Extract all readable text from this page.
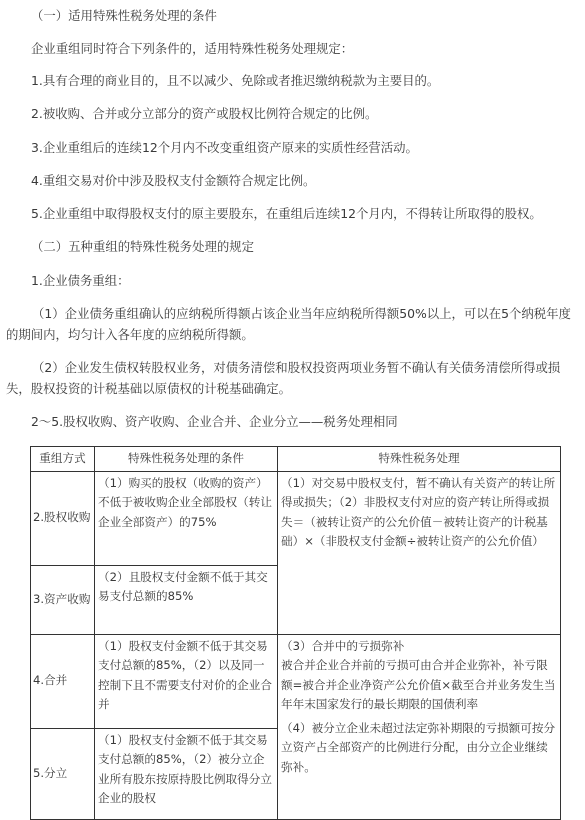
（一）适用特殊性税务处理的条件
企业重组同时符合下列条件的，适用特殊性税务处理规定：
1.具有合理的商业目的，且不以减少、免除或者推迟缴纳税款为主要目的。
2.被收购、合并或分立部分的资产或股权比例符合规定的比例。
3.企业重组后的连续12个月内不改变重组资产原来的实质性经营活动。
4.重组交易对价中涉及股权支付金额符合规定比例。
5.企业重组中取得股权支付的原主要股东，在重组后连续12个月内，不得转让所取得的股权。
（二）五种重组的特殊性税务处理的规定
1.企业债务重组：
（1）企业债务重组确认的应纳税所得额占该企业当年应纳税所得额50%以上，可以在5个纳税年度的期间内，均匀计入各年度的应纳税所得额。
（2）企业发生债权转股权业务，对债务清偿和股权投资两项业务暂不确认有关债务清偿所得或损失，股权投资的计税基础以原债权的计税基础确定。
2～5.股权收购、资产收购、企业合并、企业分立——税务处理相同
重组方式	特殊性税务处理的条件	特殊性税务处理
2.股权收购	（1）购买的股权（收购的资产）不低于被收购企业全部股权（转让企业全部资产）的75%	（1）对交易中股权支付，暂不确认有关资产的转让所得或损失；（2）非股权支付对应的资产转让所得或损失＝（被转让资产的公允价值－被转让资产的计税基础）×（非股权支付金额÷被转让资产的公允价值）
3.资产收购	（2）且股权支付金额不低于其交易支付总额的85%	
4.合并	（1）股权支付金额不低于其交易支付总额的85%，（2）以及同一控制下且不需要支付对价的企业合并	（3）合并中的亏损弥补
被合并企业合并前的亏损可由合并企业弥补，补亏限额=被合并企业净资产公允价值×截至合并业务发生当年年末国家发行的最长期限的国债利率
（4）被分立企业未超过法定弥补期限的亏损额可按分立资产占全部资产的比例进行分配，由分立企业继续弥补。

5.分立	（1）股权支付金额不低于其交易支付总额的85%，（2）被分立企业所有股东按原持股比例取得分立企业的股权	
